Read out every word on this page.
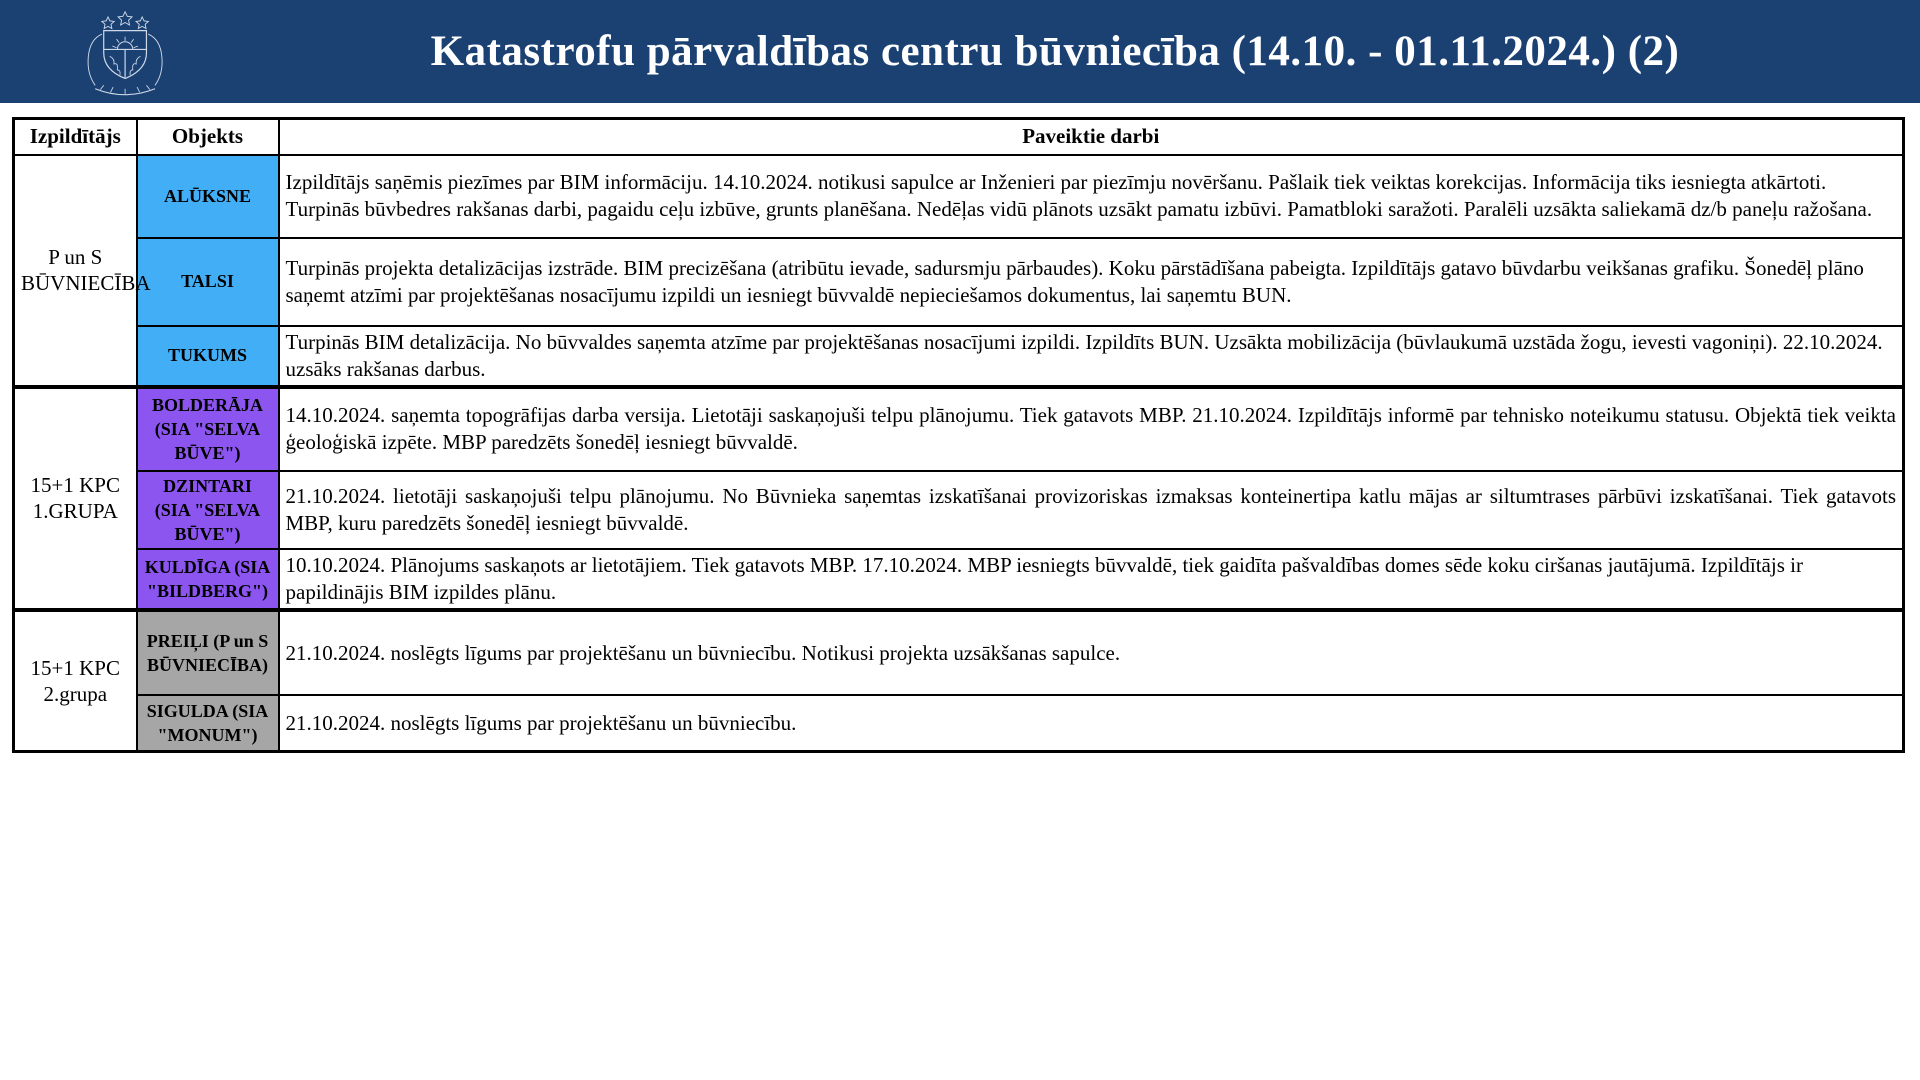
Katastrofu pārvaldības centru būvniecība (14.10. - 01.11.2024.) (2)
Izpildītājs	Objekts	Paveiktie darbi
P un S BŪVNIECĪBA	ALŪKSNE	Izpildītājs saņēmis piezīmes par BIM informāciju. 14.10.2024. notikusi sapulce ar Inženieri par piezīmju novēršanu. Pašlaik tiek veiktas korekcijas. Informācija tiks iesniegta atkārtoti. Turpinās būvbedres rakšanas darbi, pagaidu ceļu izbūve, grunts planēšana. Nedēļas vidū plānots uzsākt pamatu izbūvi. Pamatbloki saražoti. Paralēli uzsākta saliekamā dz/b paneļu ražošana.
	TALSI	Turpinās projekta detalizācijas izstrāde. BIM precizēšana (atribūtu ievade, sadursmju pārbaudes). Koku pārstādīšana pabeigta. Izpildītājs gatavo būvdarbu veikšanas grafiku. Šonedēļ plāno saņemt atzīmi par projektēšanas nosacījumu izpildi un iesniegt būvvaldē nepieciešamos dokumentus, lai saņemtu BUN.
	TUKUMS	Turpinās BIM detalizācija. No būvvaldes saņemta atzīme par projektēšanas nosacījumi izpildi. Izpildīts BUN. Uzsākta mobilizācija (būvlaukumā uzstāda žogu, ievesti vagoniņi). 22.10.2024. uzsāks rakšanas darbus.
15+1 KPC 1.GRUPA	BOLDERĀJA (SIA "SELVA BŪVE")	14.10.2024. saņemta topogrāfijas darba versija. Lietotāji saskaņojuši telpu plānojumu. Tiek gatavots MBP. 21.10.2024. Izpildītājs informē par tehnisko noteikumu statusu. Objektā tiek veikta ģeoloģiskā izpēte. MBP paredzēts šonedēļ iesniegt būvvaldē.
	DZINTARI (SIA "SELVA BŪVE")	21.10.2024. lietotāji saskaņojuši telpu plānojumu. No Būvnieka saņemtas izskatīšanai provizoriskas izmaksas konteinertipa katlu mājas ar siltumtrases pārbūvi izskatīšanai. Tiek gatavots MBP, kuru paredzēts šonedēļ iesniegt būvvaldē.
	KULDĪGA (SIA "BILDBERG")	10.10.2024. Plānojums saskaņots ar lietotājiem. Tiek gatavots MBP. 17.10.2024. MBP iesniegts būvvaldē, tiek gaidīta pašvaldības domes sēde koku ciršanas jautājumā. Izpildītājs ir papildinājis BIM izpildes plānu.
15+1 KPC 2.grupa	PREIĻI (P un S BŪVNIECĪBA)	21.10.2024. noslēgts līgums par projektēšanu un būvniecību. Notikusi projekta uzsākšanas sapulce.
	SIGULDA (SIA "MONUM")	21.10.2024. noslēgts līgums par projektēšanu un būvniecību.
